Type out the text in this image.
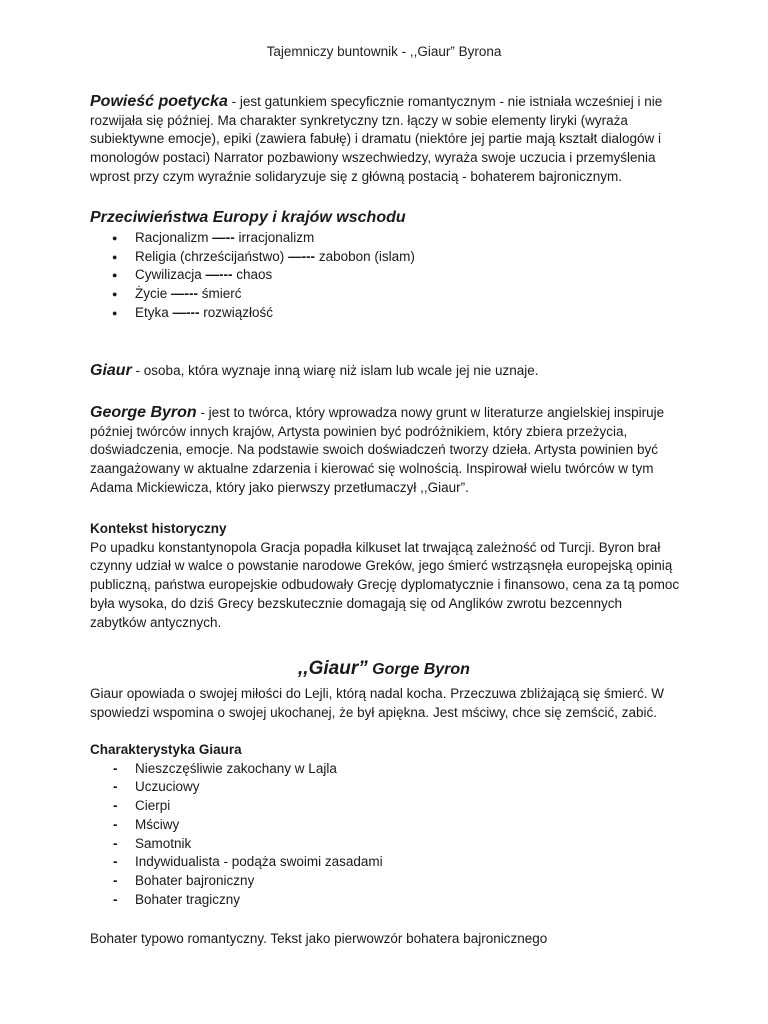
Tajemniczy buntownik - ,,Giaur” Byrona

Powieść poetycka - jest gatunkiem specyficznie romantycznym - nie istniała wcześniej i nie rozwijała się później. Ma charakter synkretyczny tzn. łączy w sobie elementy liryki (wyraża subiektywne emocje), epiki (zawiera fabułę) i dramatu (niektóre jej partie mają kształt dialogów i monologów postaci) Narrator pozbawiony wszechwiedzy, wyraża swoje uczucia i przemyślenia wprost przy czym wyraźnie solidaryzuje się z główną postacią - bohaterem bajronicznym.

Przeciwieństwa Europy i krajów wschodu
● Racjonalizm —-- irracjonalizm
● Religia (chrześcijaństwo) —--- zabobon (islam)
● Cywilizacja —--- chaos
● Życie —--- śmierć
● Etyka —--- rozwiązłość

Giaur - osoba, która wyznaje inną wiarę niż islam lub wcale jej nie uznaje.

George Byron - jest to twórca, który wprowadza nowy grunt w literaturze angielskiej inspiruje później twórców innych krajów, Artysta powinien być podróżnikiem, który zbiera przeżycia, doświadczenia, emocje. Na podstawie swoich doświadczeń tworzy dzieła. Artysta powinien być zaangażowany w aktualne zdarzenia i kierować się wolnością. Inspirował wielu twórców w tym Adama Mickiewicza, który jako pierwszy przetłumaczył ,,Giaur”.

Kontekst historyczny

Po upadku konstantynopola Gracja popadła kilkuset lat trwającą zależność od Turcji. Byron brał czynny udział w walce o powstanie narodowe Greków, jego śmierć wstrząsnęła europejską opinią publiczną, państwa europejskie odbudowały Grecję dyplomatycznie i finansowo, cena za tą pomoc była wysoka, do dziś Grecy bezskutecznie domagają się od Anglików zwrotu bezcennych zabytków antycznych.

,,Giaur” Gorge Byron

Giaur opowiada o swojej miłości do Lejli, którą nadal kocha. Przeczuwa zbliżającą się śmierć. W spowiedzi wspomina o swojej ukochanej, że był apiękna. Jest mściwy, chce się zemścić, zabić.

Charakterystyka Giaura
- Nieszczęśliwie zakochany w Lajla
- Uczuciowy
- Cierpi
- Mściwy
- Samotnik
- Indywidualista - podąża swoimi zasadami
- Bohater bajroniczny
- Bohater tragiczny

Bohater typowo romantyczny. Tekst jako pierwowzór bohatera bajronicznego
